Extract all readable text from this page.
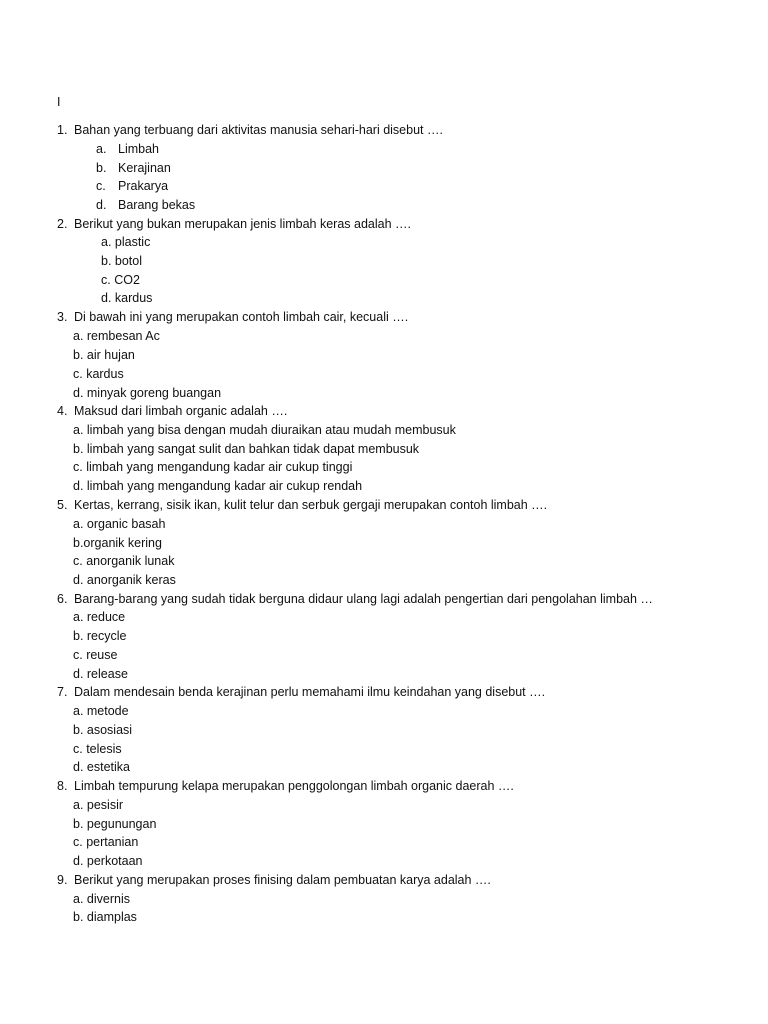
I
1. Bahan yang terbuang dari aktivitas manusia sehari-hari disebut ….
a. Limbah
b. Kerajinan
c. Prakarya
d. Barang bekas
2. Berikut yang bukan merupakan jenis limbah keras adalah ….
a. plastic
b. botol
c. CO2
d. kardus
3. Di bawah ini yang merupakan contoh limbah cair, kecuali ….
a. rembesan Ac
b. air hujan
c. kardus
d. minyak goreng buangan
4. Maksud dari limbah organic adalah ….
a. limbah yang bisa dengan mudah diuraikan atau mudah membusuk
b. limbah yang sangat sulit dan bahkan tidak dapat membusuk
c. limbah yang mengandung kadar air cukup tinggi
d. limbah yang mengandung kadar air cukup rendah
5. Kertas, kerrang, sisik ikan, kulit telur dan serbuk gergaji merupakan contoh limbah ….
a. organic basah
b.organik kering
c. anorganik lunak
d. anorganik keras
6. Barang-barang yang sudah tidak berguna didaur ulang lagi adalah pengertian dari pengolahan limbah …
a. reduce
b. recycle
c. reuse
d. release
7. Dalam mendesain benda kerajinan perlu memahami ilmu keindahan yang disebut ….
a. metode
b. asosiasi
c. telesis
d. estetika
8. Limbah tempurung kelapa merupakan penggolongan limbah organic daerah ….
a. pesisir
b. pegunungan
c. pertanian
d. perkotaan
9. Berikut yang merupakan proses finising dalam pembuatan karya adalah ….
a. divernis
b. diamplas
